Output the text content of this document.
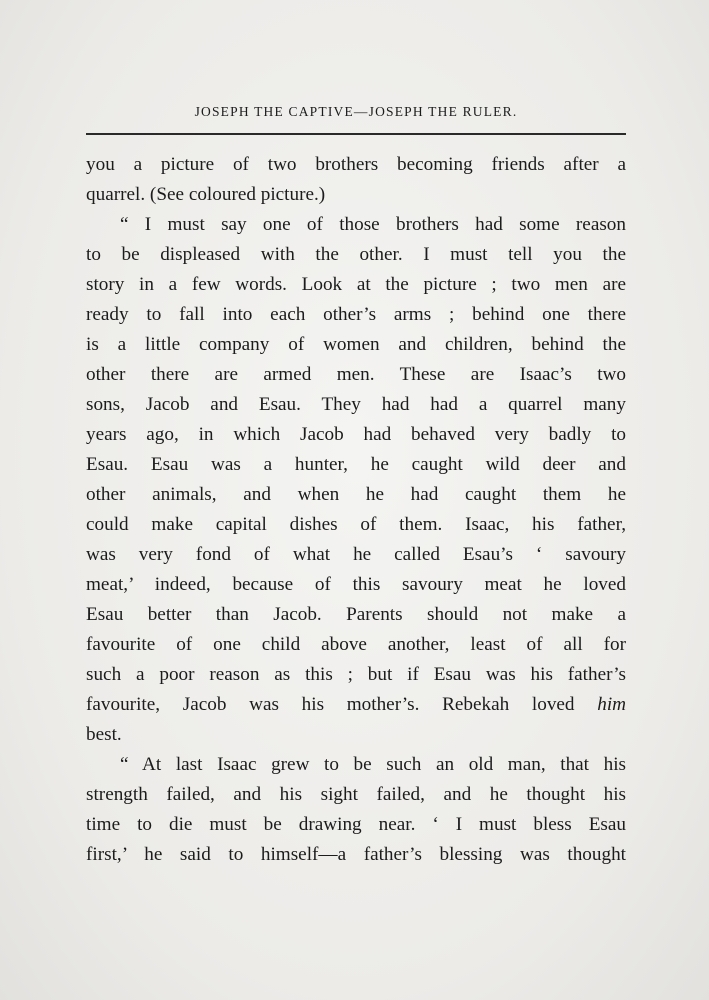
JOSEPH THE CAPTIVE—JOSEPH THE RULER.
you a picture of two brothers becoming friends after a
quarrel. (See coloured picture.)
“ I must say one of those brothers had some reason
to be displeased with the other. I must tell you the
story in a few words. Look at the picture ; two men are
ready to fall into each other’s arms ; behind one there
is a little company of women and children, behind the
other there are armed men. These are Isaac’s two
sons, Jacob and Esau. They had had a quarrel many
years ago, in which Jacob had behaved very badly to
Esau. Esau was a hunter, he caught wild deer and
other animals, and when he had caught them he
could make capital dishes of them. Isaac, his father,
was very fond of what he called Esau’s ‘ savoury
meat,’ indeed, because of this savoury meat he loved
Esau better than Jacob. Parents should not make a
favourite of one child above another, least of all for
such a poor reason as this ; but if Esau was his father’s
favourite, Jacob was his mother’s. Rebekah loved him
best.
“ At last Isaac grew to be such an old man, that his
strength failed, and his sight failed, and he thought his
time to die must be drawing near. ‘ I must bless Esau
first,’ he said to himself—a father’s blessing was thought
